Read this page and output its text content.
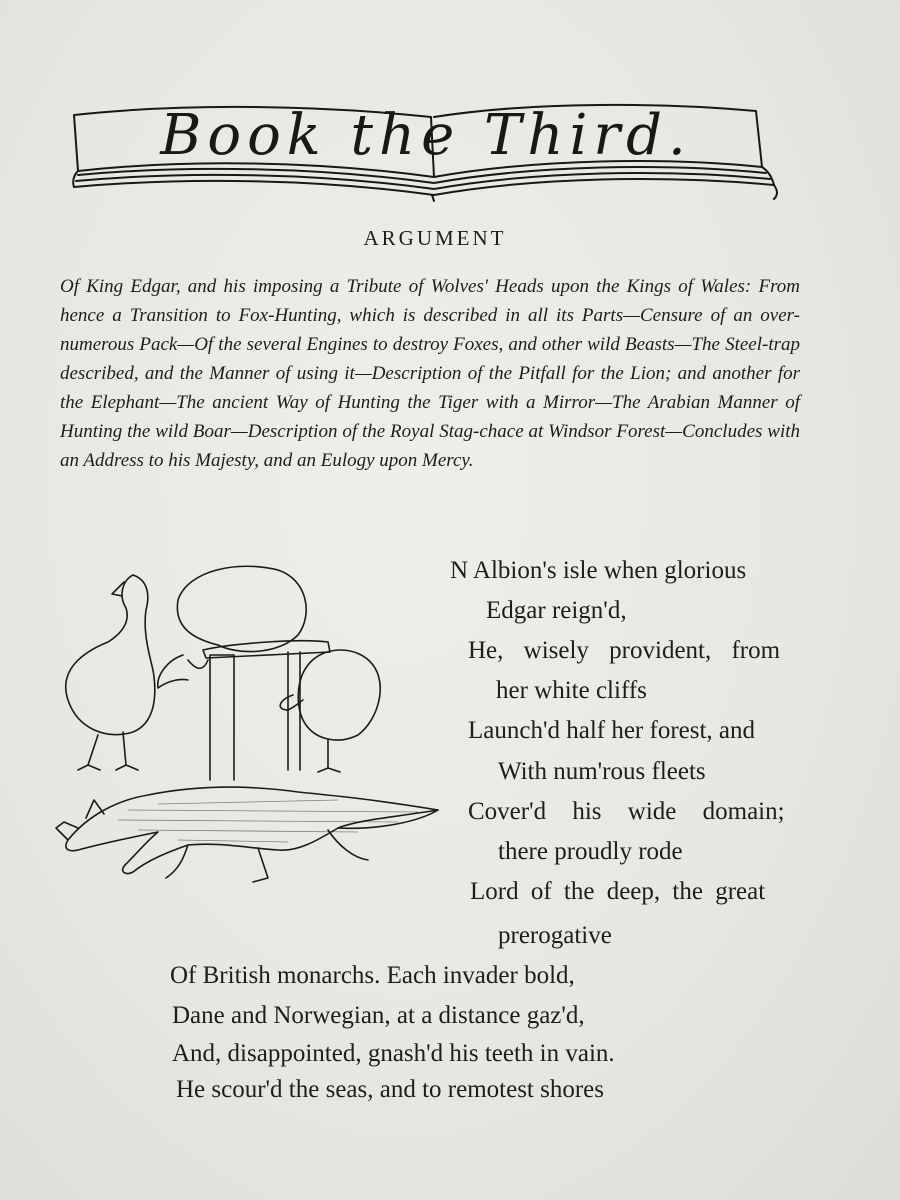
Book the Third.
ARGUMENT
Of King Edgar, and his imposing a Tribute of Wolves' Heads upon the Kings of Wales: From hence a Transition to Fox-Hunting, which is described in all its Parts—Censure of an over-numerous Pack—Of the several Engines to destroy Foxes, and other wild Beasts—The Steel-trap described, and the Manner of using it—Description of the Pitfall for the Lion; and another for the Elephant—The ancient Way of Hunting the Tiger with a Mirror—The Arabian Manner of Hunting the wild Boar—Description of the Royal Stag-chace at Windsor Forest—Concludes with an Address to his Majesty, and an Eulogy upon Mercy.
N Albion's isle when glorious
Edgar reign'd,
He, wisely provident, from
her white cliffs
Launch'd half her forest, and
With num'rous fleets
Cover'd his wide domain;
there proudly rode
Lord of the deep, the great
prerogative
Of British monarchs. Each invader bold,
Dane and Norwegian, at a distance gaz'd,
And, disappointed, gnash'd his teeth in vain.
He scour'd the seas, and to remotest shores
